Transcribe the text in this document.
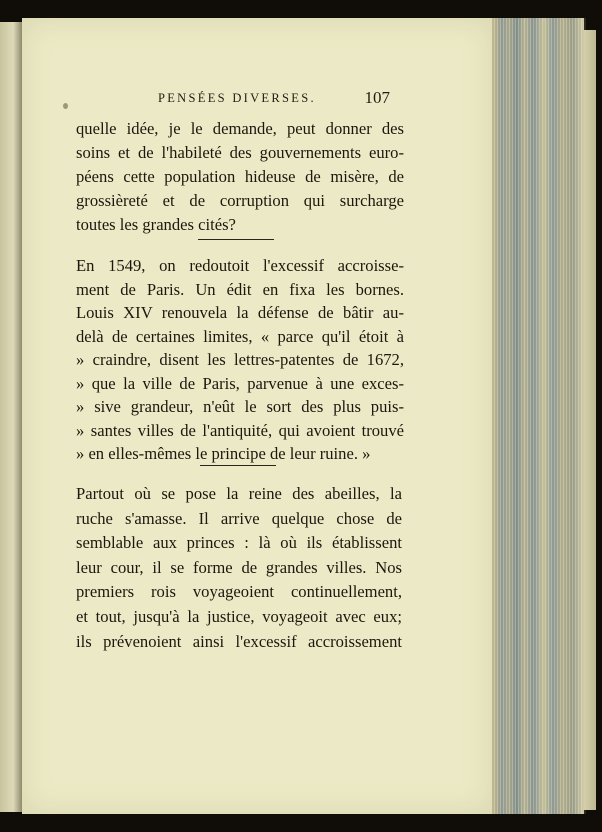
PENSÉES DIVERSES.	107
quelle idée, je le demande, peut donner des
soins et de l'habileté des gouvernements euro-
péens cette population hideuse de misère, de
grossièreté et de corruption qui surcharge
toutes les grandes cités?
En 1549, on redoutoit l'excessif accroisse-
ment de Paris. Un édit en fixa les bornes.
Louis XIV renouvela la défense de bâtir au-
delà de certaines limites, « parce qu'il étoit à
» craindre, disent les lettres-patentes de 1672,
» que la ville de Paris, parvenue à une exces-
» sive grandeur, n'eût le sort des plus puis-
» santes villes de l'antiquité, qui avoient trouvé
» en elles-mêmes le principe de leur ruine. »
Partout où se pose la reine des abeilles, la
ruche s'amasse. Il arrive quelque chose de
semblable aux princes : là où ils établissent
leur cour, il se forme de grandes villes. Nos
premiers rois voyageoient continuellement,
et tout, jusqu'à la justice, voyageoit avec eux;
ils prévenoient ainsi l'excessif accroissement
